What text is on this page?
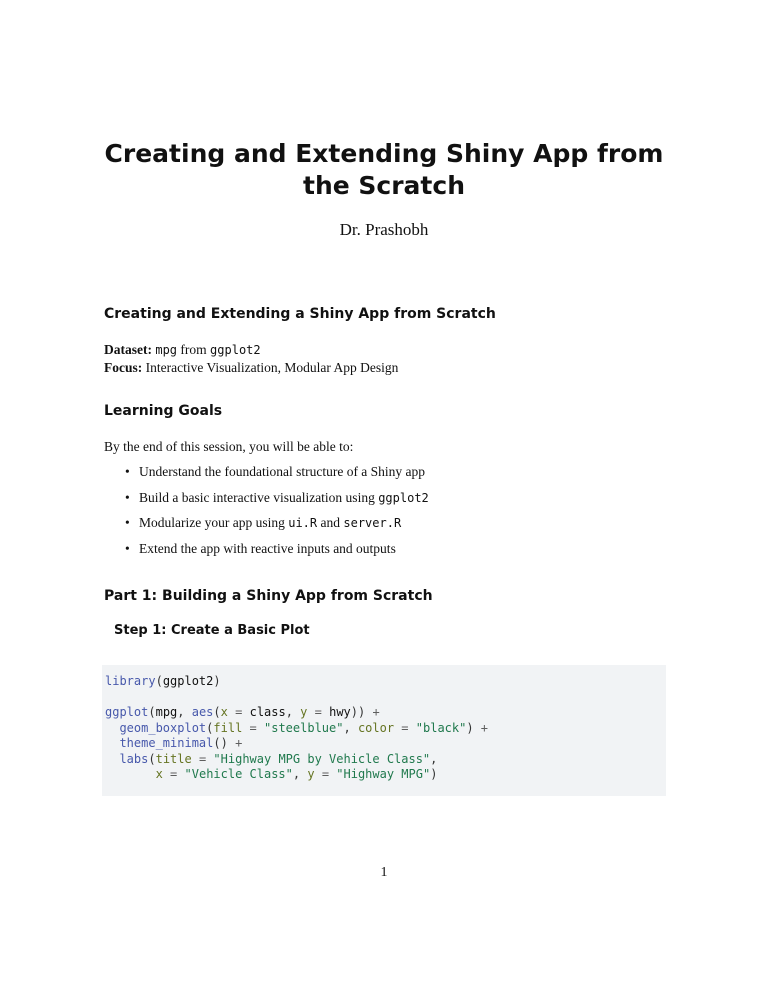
Creating and Extending Shiny App from the Scratch
Dr. Prashobh
Creating and Extending a Shiny App from Scratch

Dataset: mpg from ggplot2

Focus: Interactive Visualization, Modular App Design

Learning Goals

By the end of this session, you will be able to:

• Understand the foundational structure of a Shiny app
• Build a basic interactive visualization using ggplot2
• Modularize your app using ui.R and server.R
• Extend the app with reactive inputs and outputs
Part 1: Building a Shiny App from Scratch
Step 1: Create a Basic Plot
library(ggplot2)

ggplot(mpg, aes(x = class, y = hwy)) +
geom_boxplot(fill = "steelblue", color = "black") +
theme_minimal() +
labs(title = "Highway MPG by Vehicle Class",
x = "Vehicle Class", y = "Highway MPG")
1
